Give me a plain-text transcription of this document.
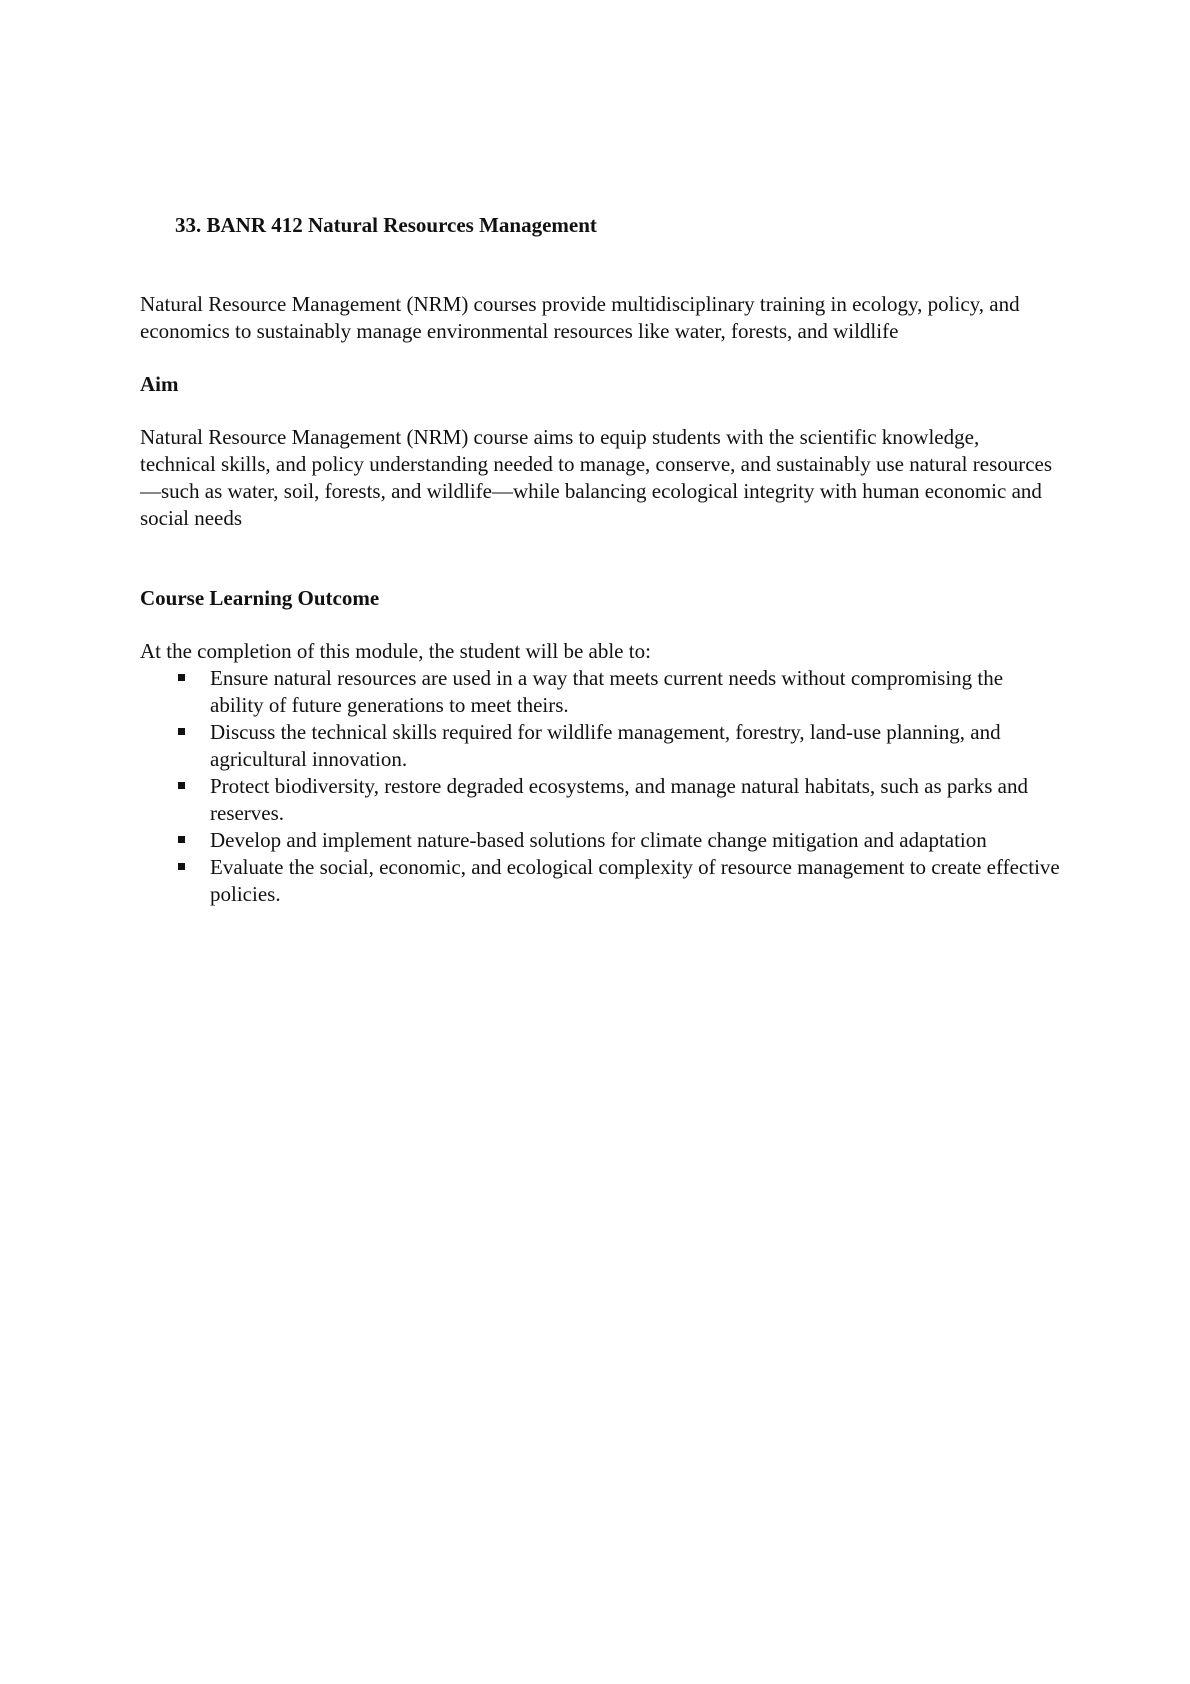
33. BANR 412 Natural Resources Management
Natural Resource Management (NRM) courses provide multidisciplinary training in ecology, policy, and economics to sustainably manage environmental resources like water, forests, and wildlife
Aim
Natural Resource Management (NRM) course aims to equip students with the scientific knowledge, technical skills, and policy understanding needed to manage, conserve, and sustainably use natural resources—such as water, soil, forests, and wildlife—while balancing ecological integrity with human economic and social needs
Course Learning Outcome
At the completion of this module, the student will be able to:
Ensure natural resources are used in a way that meets current needs without compromising the ability of future generations to meet theirs.
Discuss the technical skills required for wildlife management, forestry, land-use planning, and agricultural innovation.
Protect biodiversity, restore degraded ecosystems, and manage natural habitats, such as parks and reserves.
Develop and implement nature-based solutions for climate change mitigation and adaptation
Evaluate the social, economic, and ecological complexity of resource management to create effective policies.
